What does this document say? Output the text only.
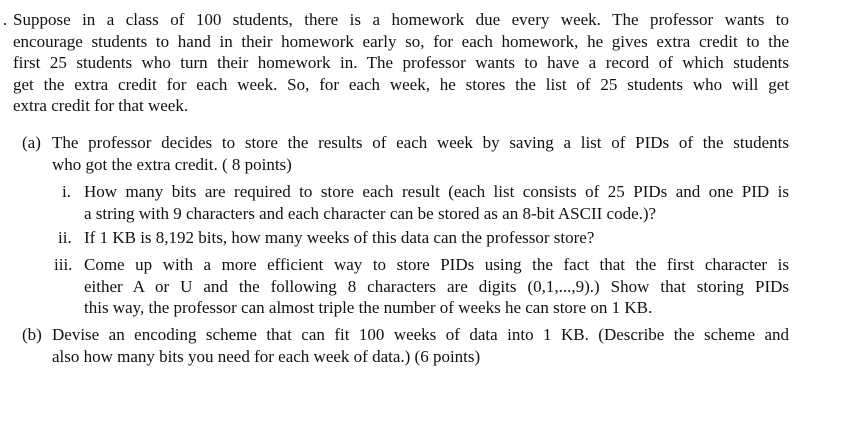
. Suppose in a class of 100 students, there is a homework due every week. The professor wants to
encourage students to hand in their homework early so, for each homework, he gives extra credit to the
first 25 students who turn their homework in. The professor wants to have a record of which students
get the extra credit for each week. So, for each week, he stores the list of 25 students who will get
extra credit for that week.
(a) The professor decides to store the results of each week by saving a list of PIDs of the students
who got the extra credit. ( 8 points)
i. How many bits are required to store each result (each list consists of 25 PIDs and one PID is
a string with 9 characters and each character can be stored as an 8-bit ASCII code.)?
ii. If 1 KB is 8,192 bits, how many weeks of this data can the professor store?
iii. Come up with a more efficient way to store PIDs using the fact that the first character is
either A or U and the following 8 characters are digits (0,1,...,9).) Show that storing PIDs
this way, the professor can almost triple the number of weeks he can store on 1 KB.
(b) Devise an encoding scheme that can fit 100 weeks of data into 1 KB. (Describe the scheme and
also how many bits you need for each week of data.) (6 points)
